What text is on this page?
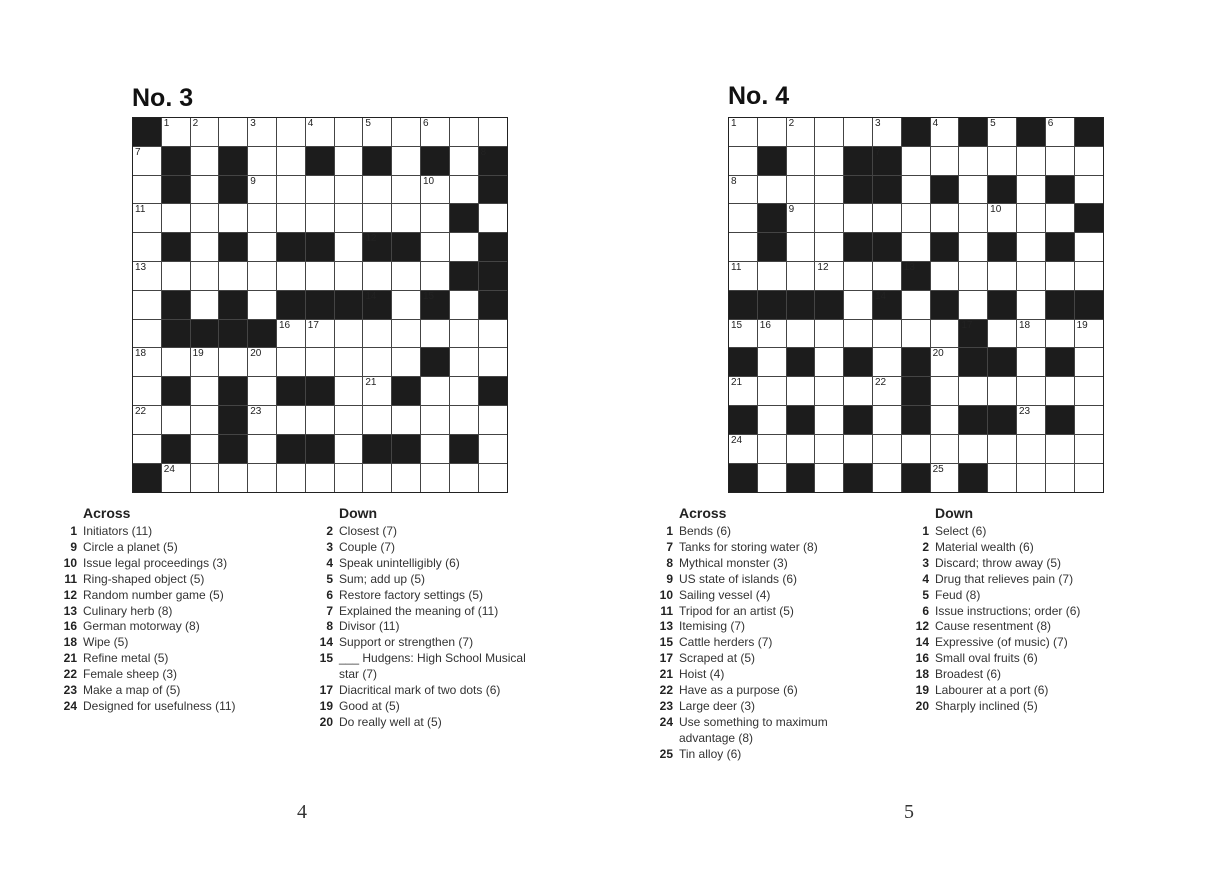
No. 3
1 2	3	4	5	6
7	8
9	10
11
12
13
14	15
16 17
18	19	20
21
22	23
24
Across
1 Initiators (11)
9 Circle a planet (5)
10 Issue legal proceedings (3)
11 Ring-shaped object (5)
12 Random number game (5)
13 Culinary herb (8)
16 German motorway (8)
18 Wipe (5)
21 Refine metal (5)
22 Female sheep (3)
23 Make a map of (5)
24 Designed for usefulness (11)
Down
2 Closest (7)
3 Couple (7)
4 Speak unintelligibly (6)
5 Sum; add up (5)
6 Restore factory settings (5)
7 Explained the meaning of (11)
8 Divisor (11)
14 Support or strengthen (7)
15 ___ Hudgens: High School Musical
star (7)
17 Diacritical mark of two dots (6)
19 Good at (5)
20 Do really well at (5)
4
No. 4
1	2	3	4	5	6
7
8
9	10
11	12	13
14
15 16	17	18	19
20
21	22
23
24
25
Across
1 Bends (6)
7 Tanks for storing water (8)
8 Mythical monster (3)
9 US state of islands (6)
10 Sailing vessel (4)
11 Tripod for an artist (5)
13 Itemising (7)
15 Cattle herders (7)
17 Scraped at (5)
21 Hoist (4)
22 Have as a purpose (6)
23 Large deer (3)
24 Use something to maximum
advantage (8)
25 Tin alloy (6)
Down
1 Select (6)
2 Material wealth (6)
3 Discard; throw away (5)
4 Drug that relieves pain (7)
5 Feud (8)
6 Issue instructions; order (6)
12 Cause resentment (8)
14 Expressive (of music) (7)
16 Small oval fruits (6)
18 Broadest (6)
19 Labourer at a port (6)
20 Sharply inclined (5)
5
